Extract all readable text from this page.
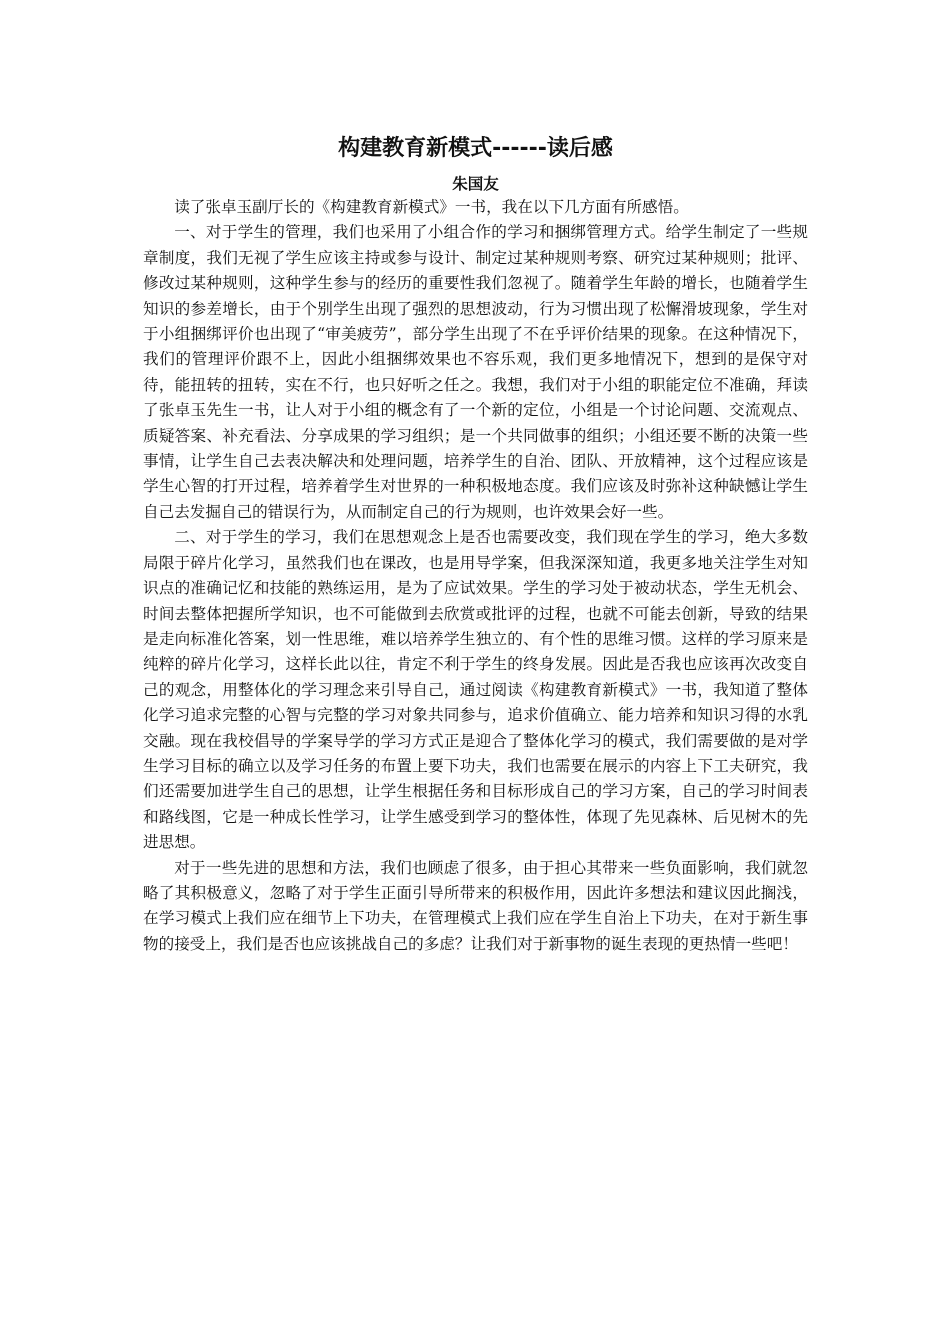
构建教育新模式------读后感
朱国友

读了张卓玉副厅长的《构建教育新模式》一书，我在以下几方面有所感悟。

一、对于学生的管理，我们也采用了小组合作的学习和捆绑管理方式。给学生制定了一些规章制度，我们无视了学生应该主持或参与设计、制定过某种规则考察、研究过某种规则；批评、修改过某种规则，这种学生参与的经历的重要性我们忽视了。随着学生年龄的增长，也随着学生知识的参差增长，由于个别学生出现了强烈的思想波动，行为习惯出现了松懈滑坡现象，学生对于小组捆绑评价也出现了“审美疲劳”，部分学生出现了不在乎评价结果的现象。在这种情况下，我们的管理评价跟不上，因此小组捆绑效果也不容乐观，我们更多地情况下，想到的是保守对待，能扭转的扭转，实在不行，也只好听之任之。我想，我们对于小组的职能定位不准确，拜读了张卓玉先生一书，让人对于小组的概念有了一个新的定位，小组是一个讨论问题、交流观点、质疑答案、补充看法、分享成果的学习组织；是一个共同做事的组织；小组还要不断的决策一些事情，让学生自己去表决解决和处理问题，培养学生的自治、团队、开放精神，这个过程应该是学生心智的打开过程，培养着学生对世界的一种积极地态度。我们应该及时弥补这种缺憾让学生自己去发掘自己的错误行为，从而制定自己的行为规则，也许效果会好一些。

二、对于学生的学习，我们在思想观念上是否也需要改变，我们现在学生的学习，绝大多数局限于碎片化学习，虽然我们也在课改，也是用导学案，但我深深知道，我更多地关注学生对知识点的准确记忆和技能的熟练运用，是为了应试效果。学生的学习处于被动状态，学生无机会、时间去整体把握所学知识，也不可能做到去欣赏或批评的过程，也就不可能去创新，导致的结果是走向标准化答案，划一性思维，难以培养学生独立的、有个性的思维习惯。这样的学习原来是纯粹的碎片化学习，这样长此以往，肯定不利于学生的终身发展。因此是否我也应该再次改变自己的观念，用整体化的学习理念来引导自己，通过阅读《构建教育新模式》一书，我知道了整体化学习追求完整的心智与完整的学习对象共同参与，追求价值确立、能力培养和知识习得的水乳交融。现在我校倡导的学案导学的学习方式正是迎合了整体化学习的模式，我们需要做的是对学生学习目标的确立以及学习任务的布置上要下功夫，我们也需要在展示的内容上下工夫研究，我们还需要加进学生自己的思想，让学生根据任务和目标形成自己的学习方案，自己的学习时间表和路线图，它是一种成长性学习，让学生感受到学习的整体性，体现了先见森林、后见树木的先进思想。

对于一些先进的思想和方法，我们也顾虑了很多，由于担心其带来一些负面影响，我们就忽略了其积极意义，忽略了对于学生正面引导所带来的积极作用，因此许多想法和建议因此搁浅，在学习模式上我们应在细节上下功夫，在管理模式上我们应在学生自治上下功夫，在对于新生事物的接受上，我们是否也应该挑战自己的多虑？让我们对于新事物的诞生表现的更热情一些吧！
